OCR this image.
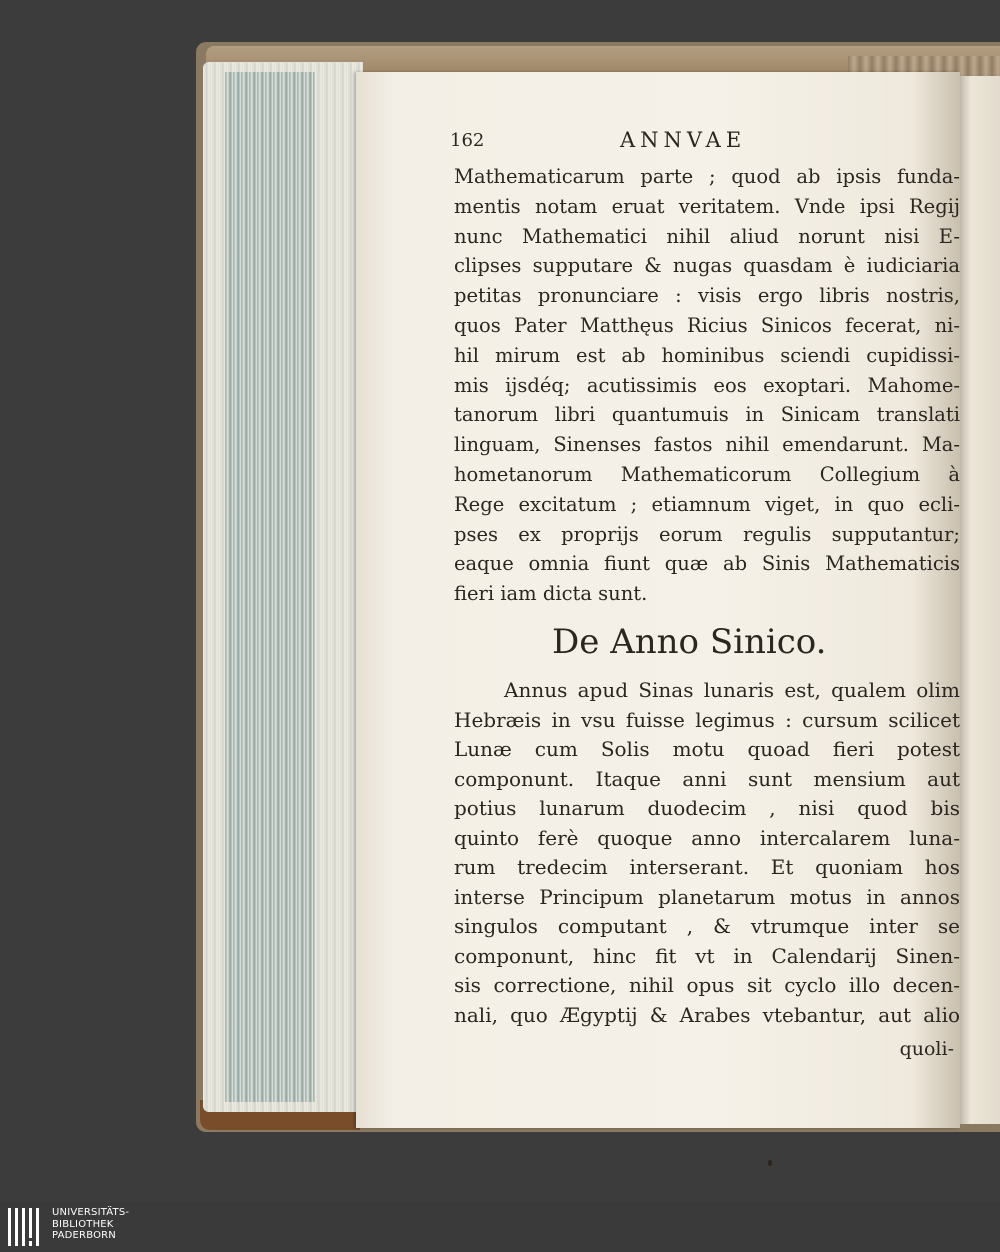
162	ANNVAE
Mathematicarum parte ; quod ab ipsis funda-
mentis notam eruat veritatem. Vnde ipsi Regij
nunc Mathematici nihil aliud norunt nisi E-
clipses supputare & nugas quasdam è iudiciaria
petitas pronunciare : visis ergo libris nostris,
quos Pater Matthęus Ricius Sinicos fecerat, ni-
hil mirum est ab hominibus sciendi cupidissi-
mis ijsdéq; acutissimis eos exoptari. Mahome-
tanorum libri quantumuis in Sinicam translati
linguam, Sinenses fastos nihil emendarunt. Ma-
hometanorum Mathematicorum Collegium à
Rege excitatum ; etiamnum viget, in quo ecli-
pses ex proprijs eorum regulis supputantur;
eaque omnia fiunt quæ ab Sinis Mathematicis
fieri iam dicta sunt.
De Anno Sinico.
Annus apud Sinas lunaris est, qualem olim
Hebræis in vsu fuisse legimus : cursum scilicet
Lunæ cum Solis motu quoad fieri potest
componunt. Itaque anni sunt mensium aut
potius lunarum duodecim , nisi quod bis
quinto ferè quoque anno intercalarem luna-
rum tredecim interserant. Et quoniam hos
interse Principum planetarum motus in annos
singulos computant , & vtrumque inter se
componunt, hinc fit vt in Calendarij Sinen-
sis correctione, nihil opus sit cyclo illo decen-
nali, quo Ægyptij & Arabes vtebantur, aut alio
quoli-
UNIVERSITÄTS-
BIBLIOTHEK
PADERBORN
